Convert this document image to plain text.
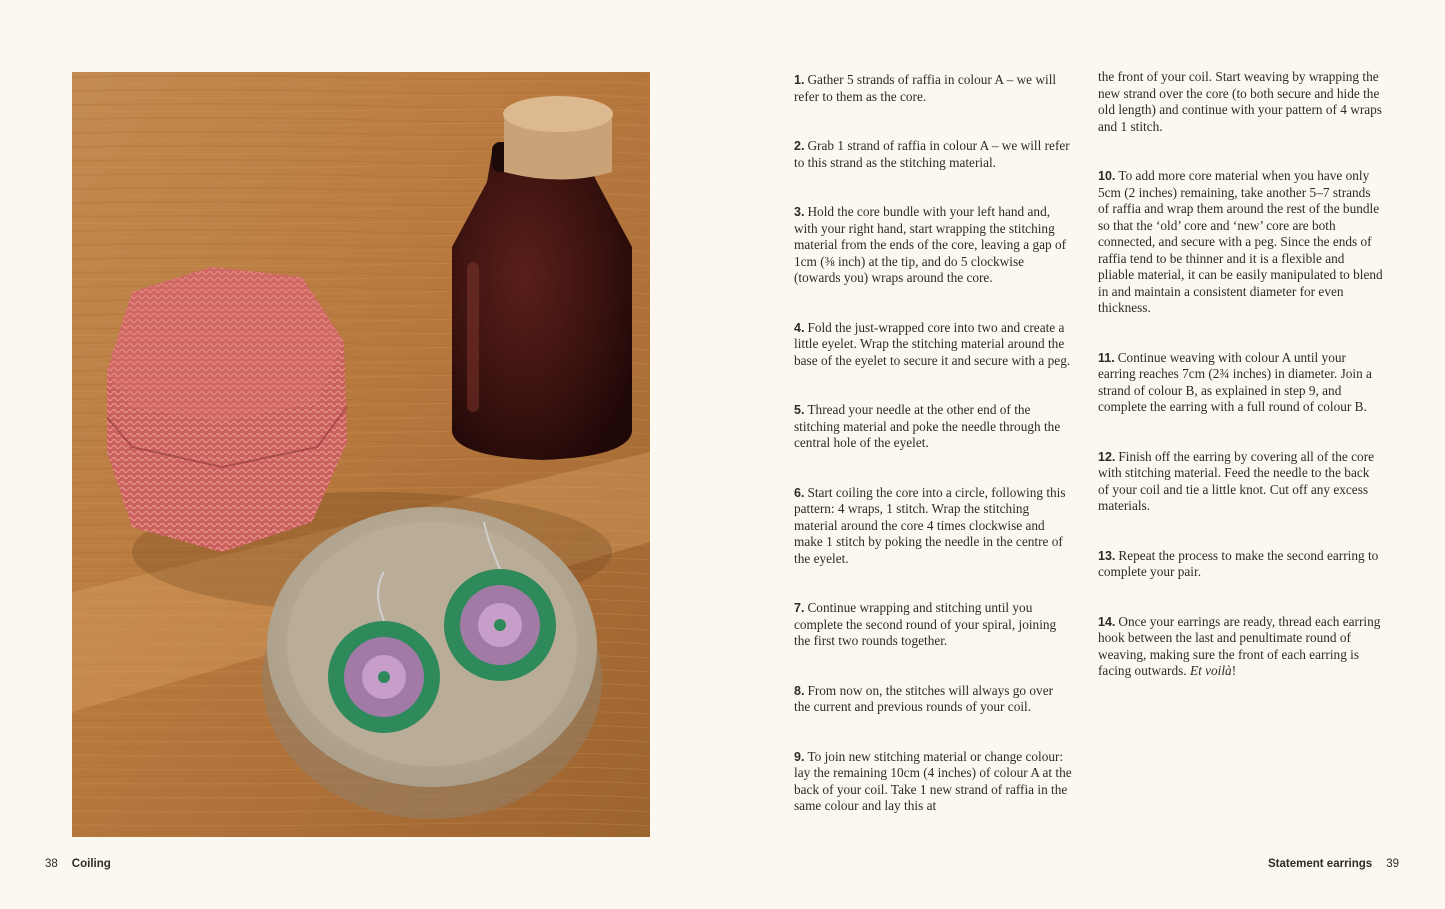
1. Gather 5 strands of raffia in colour A – we will refer to them as the core.

2. Grab 1 strand of raffia in colour A – we will refer to this strand as the stitching material.

3. Hold the core bundle with your left hand and, with your right hand, start wrapping the stitching material from the ends of the core, leaving a gap of 1cm (⅜ inch) at the tip, and do 5 clockwise (towards you) wraps around the core.

4. Fold the just-wrapped core into two and create a little eyelet. Wrap the stitching material around the base of the eyelet to secure it and secure with a peg.

5. Thread your needle at the other end of the stitching material and poke the needle through the central hole of the eyelet.

6. Start coiling the core into a circle, following this pattern: 4 wraps, 1 stitch. Wrap the stitching material around the core 4 times clockwise and make 1 stitch by poking the needle in the centre of the eyelet.

7. Continue wrapping and stitching until you complete the second round of your spiral, joining the first two rounds together.

8. From now on, the stitches will always go over the current and previous rounds of your coil.

9. To join new stitching material or change colour: lay the remaining 10cm (4 inches) of colour A at the back of your coil. Take 1 new strand of raffia in the same colour and lay this at

the front of your coil. Start weaving by wrapping the new strand over the core (to both secure and hide the old length) and continue with your pattern of 4 wraps and 1 stitch.

10. To add more core material when you have only 5cm (2 inches) remaining, take another 5–7 strands of raffia and wrap them around the rest of the bundle so that the ‘old’ core and ‘new’ core are both connected, and secure with a peg. Since the ends of raffia tend to be thinner and it is a flexible and pliable material, it can be easily manipulated to blend in and maintain a consistent diameter for even thickness.

11. Continue weaving with colour A until your earring reaches 7cm (2¾ inches) in diameter. Join a strand of colour B, as explained in step 9, and complete the earring with a full round of colour B.

12. Finish off the earring by covering all of the core with stitching material. Feed the needle to the back of your coil and tie a little knot. Cut off any excess materials.

13. Repeat the process to make the second earring to complete your pair.

14. Once your earrings are ready, thread each earring hook between the last and penultimate round of weaving, making sure the front of each earring is facing outwards. Et voilà!

38 Coiling	Statement earrings 39
